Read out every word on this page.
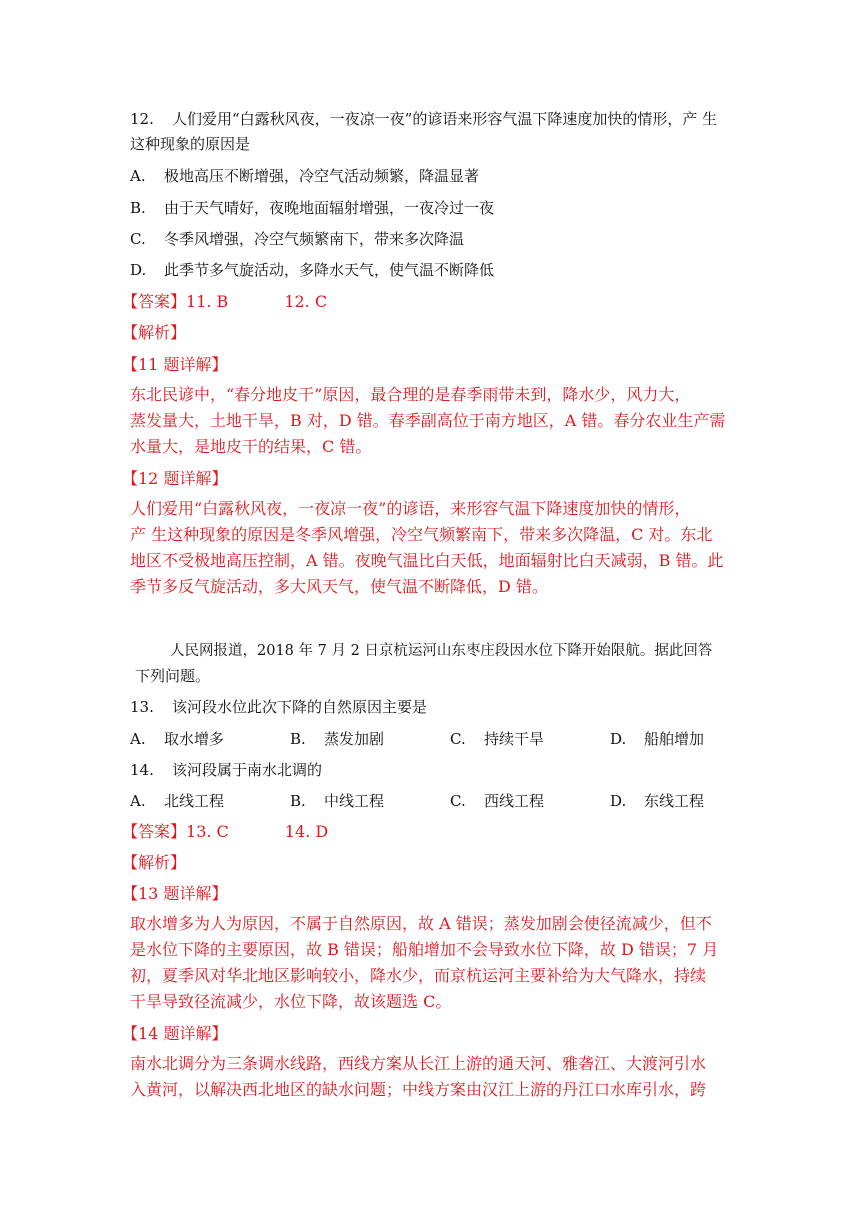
12. 人们爱用“白露秋风夜，一夜凉一夜”的谚语来形容气温下降速度加快的情形，产 生
这种现象的原因是
A. 极地高压不断增强，冷空气活动频繁，降温显著
B. 由于天气晴好，夜晚地面辐射增强，一夜冷过一夜
C. 冬季风增强，冷空气频繁南下，带来多次降温
D. 此季节多气旋活动，多降水天气，使气温不断降低
【答案】11. B	12. C
【解析】
【11 题详解】
东北民谚中，“春分地皮干”原因，最合理的是春季雨带未到，降水少，风力大，
蒸发量大，土地干旱，B 对，D 错。春季副高位于南方地区，A 错。春分农业生产需
水量大，是地皮干的结果，C 错。
【12 题详解】
人们爱用“白露秋风夜，一夜凉一夜”的谚语，来形容气温下降速度加快的情形，
产 生这种现象的原因是冬季风增强，冷空气频繁南下，带来多次降温，C 对。东北
地区不受极地高压控制，A 错。夜晚气温比白天低，地面辐射比白天减弱，B 错。此
季节多反气旋活动，多大风天气，使气温不断降低，D 错。
人民网报道，2018 年 7 月 2 日京杭运河山东枣庄段因水位下降开始限航。据此回答
下列问题。
13. 该河段水位此次下降的自然原因主要是
A. 取水增多	B. 蒸发加剧	C. 持续干旱	D. 船舶增加
14. 该河段属于南水北调的
A. 北线工程	B. 中线工程	C. 西线工程	D. 东线工程
【答案】13. C	14. D
【解析】
【13 题详解】
取水增多为人为原因，不属于自然原因，故 A 错误；蒸发加剧会使径流减少，但不
是水位下降的主要原因，故 B 错误；船舶增加不会导致水位下降，故 D 错误；7 月
初，夏季风对华北地区影响较小，降水少，而京杭运河主要补给为大气降水，持续
干旱导致径流减少，水位下降，故该题选 C。
【14 题详解】
南水北调分为三条调水线路，西线方案从长江上游的通天河、雅砻江、大渡河引水
入黄河，以解决西北地区的缺水问题；中线方案由汉江上游的丹江口水库引水，跨
